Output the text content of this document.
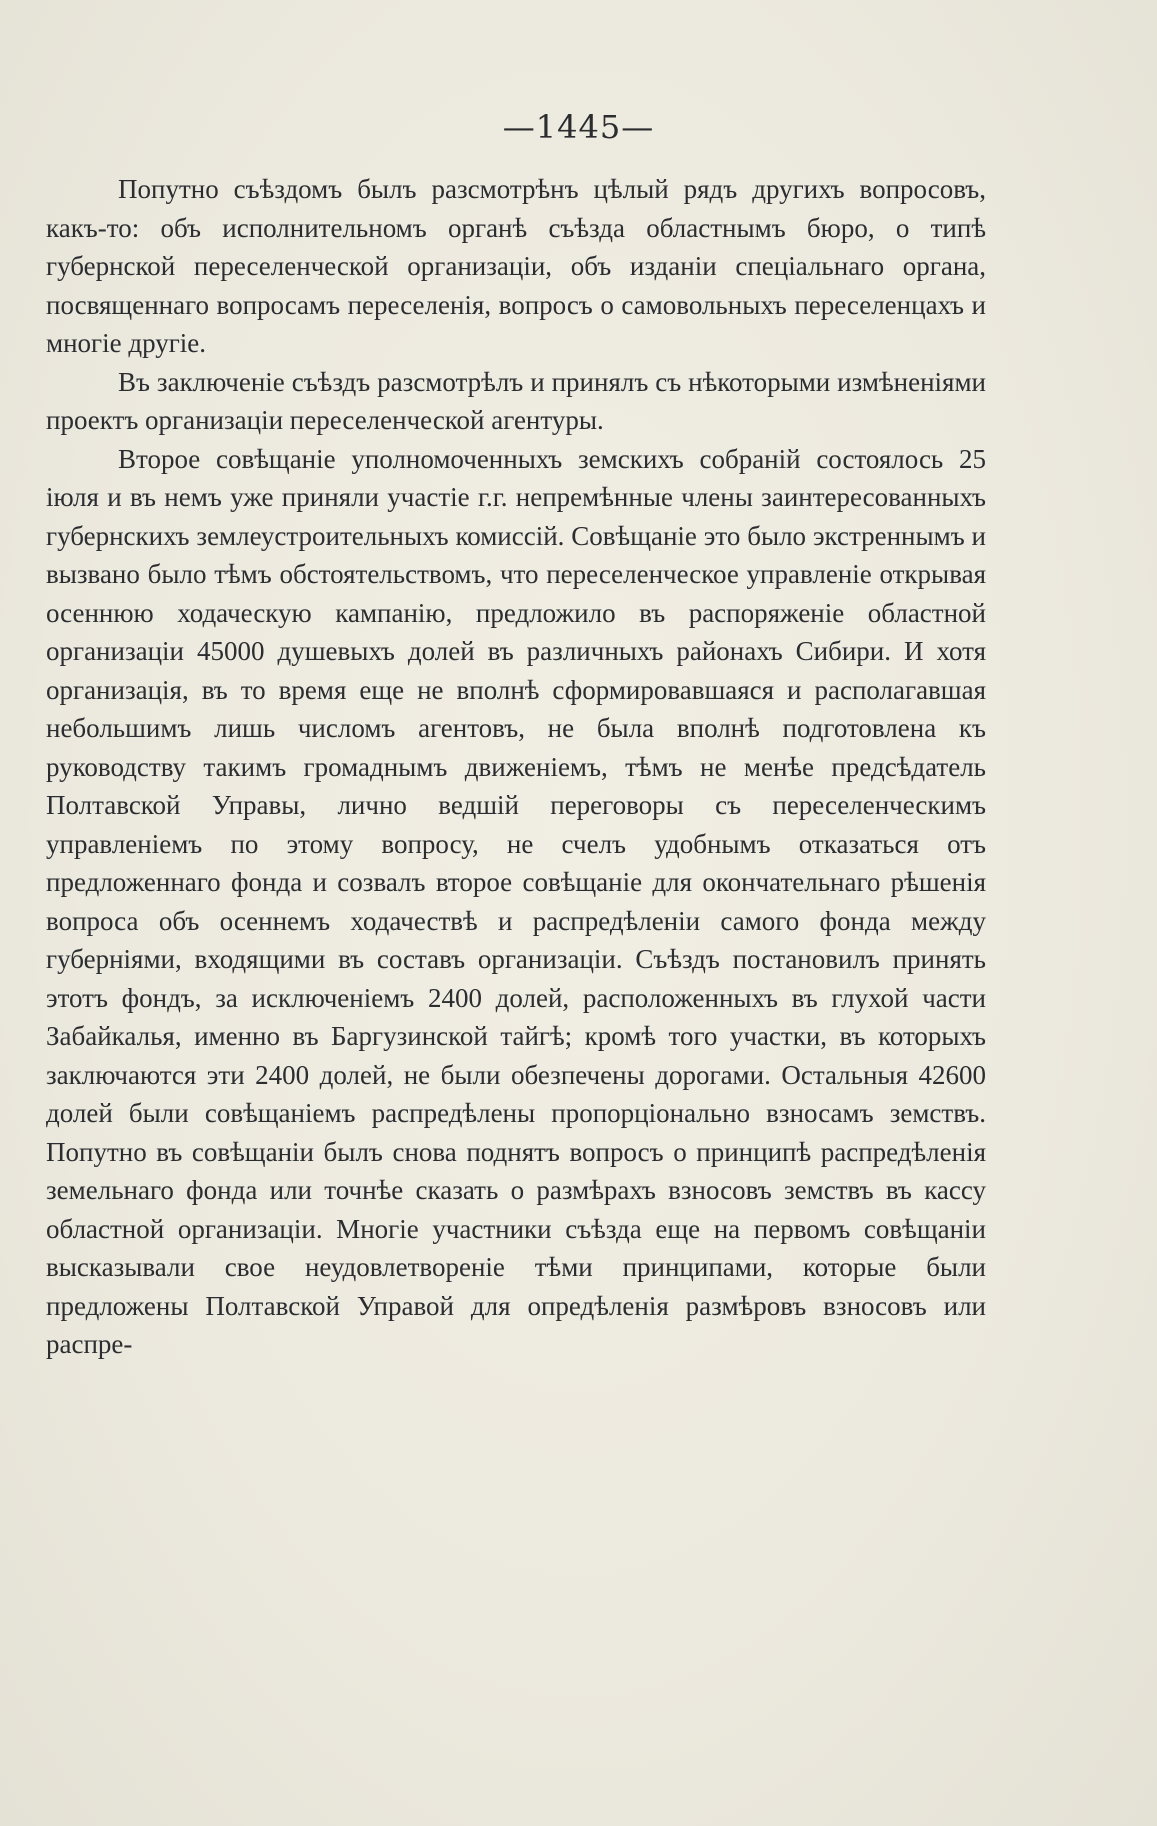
—1445—

Попутно съѣздомъ былъ разсмотрѣнъ цѣлый рядъ другихъ вопросовъ, какъ-то: объ исполнительномъ органѣ съѣзда областнымъ бюро, о типѣ губернской переселенческой организаціи, объ изданіи спеціальнаго органа, посвященнаго вопросамъ переселенія, вопросъ о самовольныхъ переселенцахъ и многіе другіе.

Въ заключеніе съѣздъ разсмотрѣлъ и принялъ съ нѣкоторыми измѣненіями проектъ организаціи переселенческой агентуры.

Второе совѣщаніе уполномоченныхъ земскихъ собраній состоялось 25 іюля и въ немъ уже приняли участіе г.г. непремѣнные члены заинтересованныхъ губернскихъ землеустроительныхъ комиссій. Совѣщаніе это было экстреннымъ и вызвано было тѣмъ обстоятельствомъ, что переселенческое управленіе открывая осеннюю ходаческую кампанію, предложило въ распоряженіе областной организаціи 45000 душевыхъ долей въ различныхъ районахъ Сибири. И хотя организація, въ то время еще не вполнѣ сформировавшаяся и располагавшая небольшимъ лишь числомъ агентовъ, не была вполнѣ подготовлена къ руководству такимъ громаднымъ движеніемъ, тѣмъ не менѣе предсѣдатель Полтавской Управы, лично ведшій переговоры съ переселенческимъ управленіемъ по этому вопросу, не счелъ удобнымъ отказаться отъ предложеннаго фонда и созвалъ второе совѣщаніе для окончательнаго рѣшенія вопроса объ осеннемъ ходачествѣ и распредѣленіи самого фонда между губерніями, входящими въ составъ организаціи. Съѣздъ постановилъ принять этотъ фондъ, за исключеніемъ 2400 долей, расположенныхъ въ глухой части Забайкалья, именно въ Баргузинской тайгѣ; кромѣ того участки, въ которыхъ заключаются эти 2400 долей, не были обезпечены дорогами. Остальныя 42600 долей были совѣщаніемъ распредѣлены пропорціонально взносамъ земствъ. Попутно въ совѣщаніи былъ снова поднятъ вопросъ о принципѣ распредѣленія земельнаго фонда или точнѣе сказать о размѣрахъ взносовъ земствъ въ кассу областной организаціи. Многіе участники съѣзда еще на первомъ совѣщаніи высказывали свое неудовлетвореніе тѣми принципами, которые были предложены Полтавской Управой для опредѣленія размѣровъ взносовъ или распре-
